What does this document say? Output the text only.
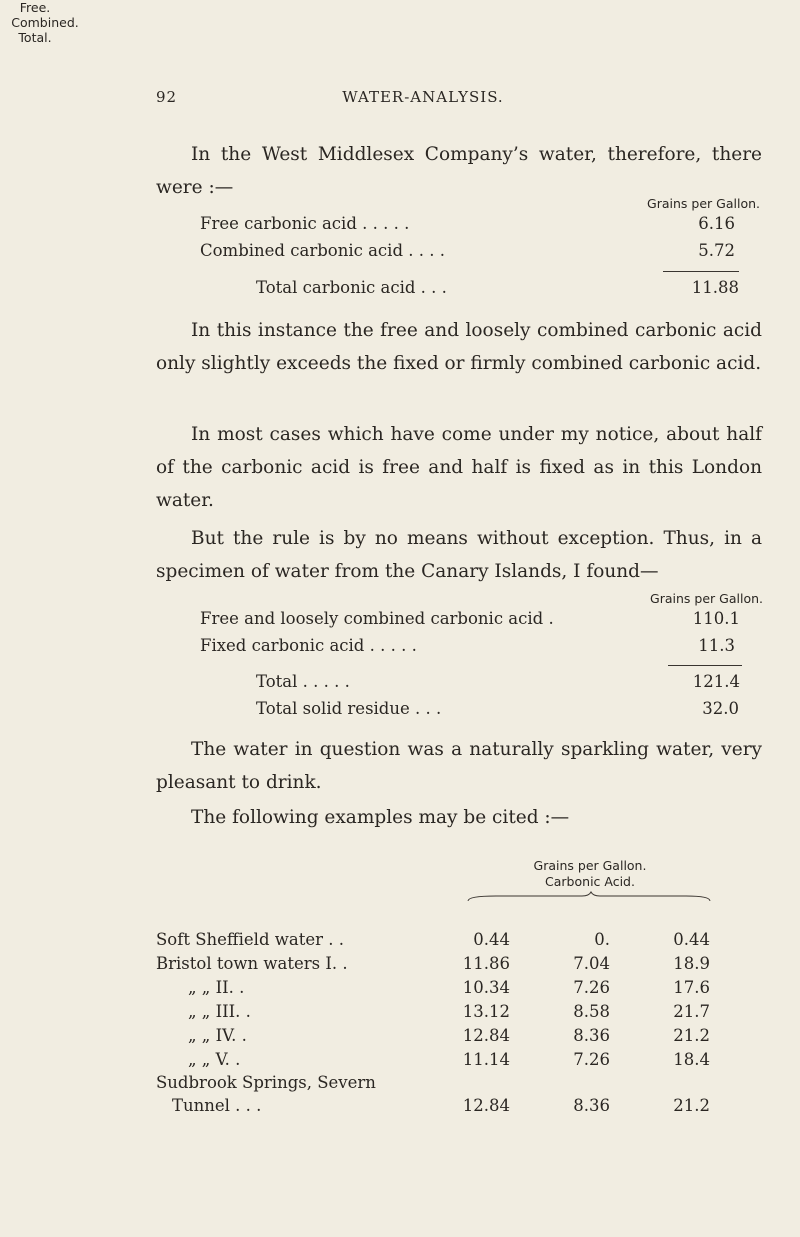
92	WATER-ANALYSIS.

In the West Middlesex Company’s water, therefore, there were :—

Grains per Gallon.
Free carbonic acid . . . . .	6.16
Combined carbonic acid . . . .	5.72
Total carbonic acid . . .	11.88

In this instance the free and loosely combined carbonic acid only slightly exceeds the fixed or firmly combined carbonic acid.

In most cases which have come under my notice, about half of the carbonic acid is free and half is fixed as in this London water.

But the rule is by no means without exception. Thus, in a specimen of water from the Canary Islands, I found—

Grains per Gallon.
Free and loosely combined carbonic acid .	110.1
Fixed carbonic acid . . . . .	11.3
Total . . . . .	121.4
Total solid residue . . .	32.0

The water in question was a naturally sparkling water, very pleasant to drink.

The following examples may be cited :—

Grains per Gallon.
Carbonic Acid.
Free.
Combined.
Total.
Soft Sheffield water . .	0.44	0.	0.44
Bristol town waters I. .	11.86	7.04	18.9
„ „ II. .	10.34	7.26	17.6
„ „ III. .	13.12	8.58	21.7
„ „ IV. .	12.84	8.36	21.2
„ „ V. .	11.14	7.26	18.4
Sudbrook Springs, Severn
Tunnel . . .	12.84	8.36	21.2
